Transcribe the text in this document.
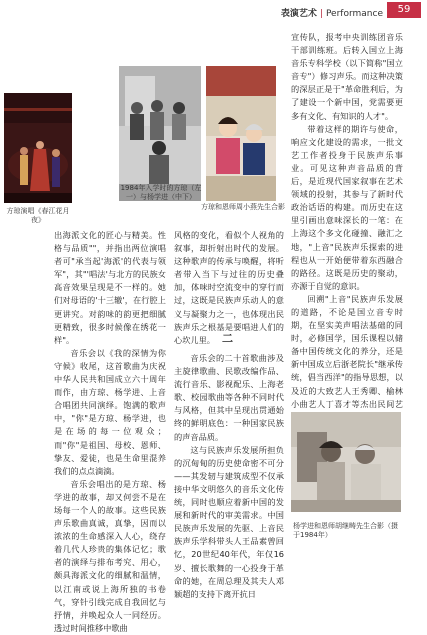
表演艺术 | Performance	59
方琼演唱《春江花月夜》
1984年入学时的方琼（左一）与杨学进（中下）
方琼和恩师周小燕先生合影

出海派文化的匠心与精美。性格与品质""，并指出两位演唱者可"承当起'海派'的代表与领军"，其"'唱法'与北方的民族女高音效果呈现是不一样的。她们对母语的'十三辙'，在行腔上更讲究。对韵味的韵更把细腻更精致，很多时候像在绣花一样"。

音乐会以《我的深情为你守候》收尾，这首歌曲为庆祝中华人民共和国成立六十周年而作，由方琼、杨学进、上音合唱团共同演绎。饱满的歌声中，"你"是方琼、杨学进，也是在场的每一位观众；而"你"是祖国、母校、恩师、挚友、爱徒，也是生命里混养我们的点点滴滴。

音乐会唱出的是方琼、杨学进的故事，却又何尝不是在场每一个人的故事。这些民族声乐歌曲真诚，真挚，因而以浓浓的生命感深入人心，绕存着几代人珍贵的集体记忆；歌者的演绎与排布考究、用心，颇具海派文化的细腻和温情，以江南或说上海所独的书卷气，穿针引线完成自我回忆与抒情，并唤起众人一同经历。透过时间推移中歌曲

风格的变化，看似个人视角的叙事，却折射出时代的发展。这种歌声的传承与唤醒，将听者带入当下与过往的历史叠加，体味时空流变中的穿行而过，这既是民族声乐动人的意义与凝聚力之一，也体现出民族声乐之根基是要唱进人们的心坎儿里。 二

音乐会的二十首歌曲涉及主旋律歌曲、民歌改编作品、流行音乐、影视配乐、上海老歌、校园歌曲等各种不同时代与风格，但其中呈现出贯通始终的鲜明底色：一种国家民族的声音品质。

这与民族声乐发展所担负的沉甸甸的历史使命密不可分——其发轫与建筑成型不仅承接中华文明悠久的音乐文化传统，同时也顺应着新中国的发展和新时代的审美需求。中国民族声乐发展的先驱、上音民族声乐学科带头人王品素曾回忆，20世纪40年代，年仅16岁、擅长歌舞的一心投身于革命的她，在周总理及其夫人邓颖超的支持下离开抗日

宣传队，报考中央训练团音乐干部训练班。后转入国立上海音乐专科学校（以下简称"国立音专"）修习声乐。而这种决策的深层正是于"革命胜利后，为了建设一个新中国，党需要更多有文化、有知识的人才"。

带着这样的期许与使命，响应文化建设的需求，一批文艺工作者投身于民族声乐事业。可见这种声音品质的背后，是近现代国家叙事在艺术领域的投射，其参与了新时代政治话语的构建。而历史在这里引画出意味深长的一笔：在上海这个多文化碰撞、融汇之地，"上音"民族声乐探索的进程也从一开始便带着东西融合的路径。这既是历史的聚动，亦源于自觉的意识。

回溯"上音"民族声乐发展的道路，不论是国立音专时期，在坚实美声唱法基础的同时，必修国学，国乐课程以储备中国传统文化的养分，还是新中国成立后浙老院长"继承传统，倡当西洋"的指导思想，以及近的大致艺人王秀卿、榆林小曲艺人丁喜才等杰出民间艺

杨学进和恩师胡继畴先生合影（摄于1984年）
